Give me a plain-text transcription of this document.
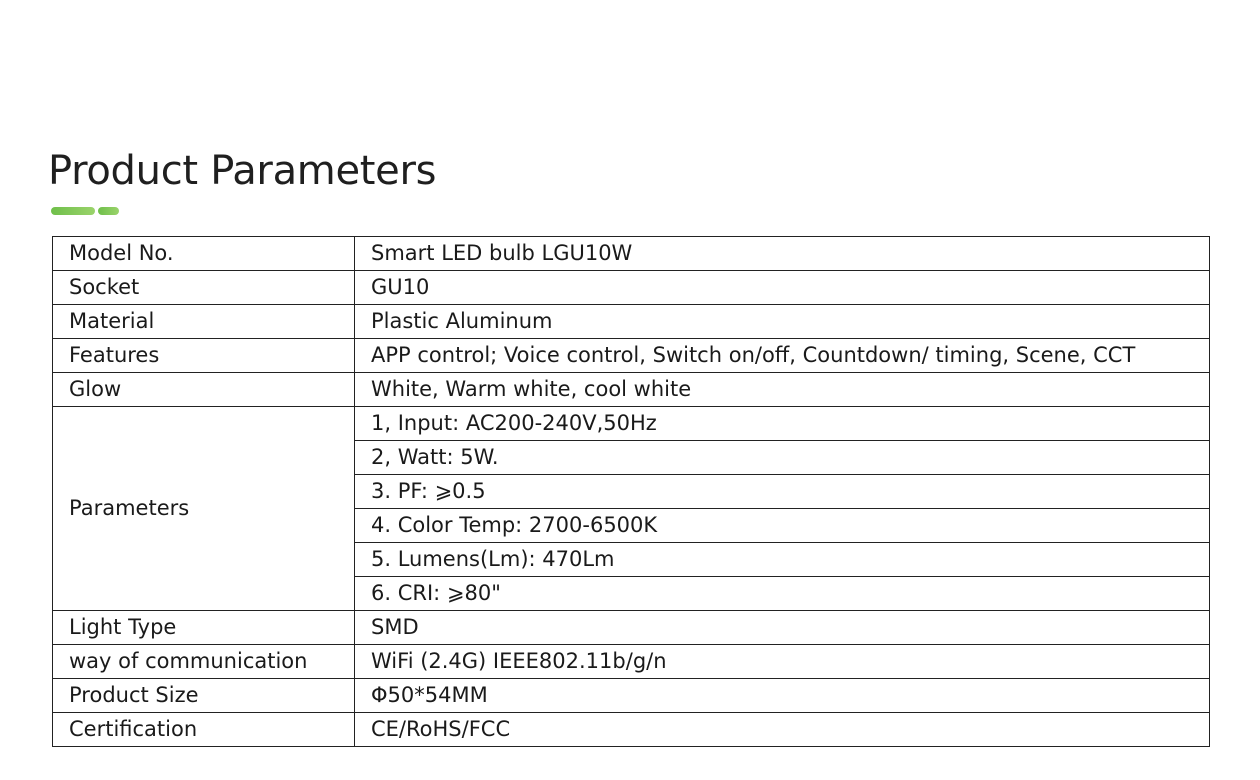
Product Parameters
Model No.	Smart LED bulb LGU10W
Socket	GU10
Material	Plastic Aluminum
Features	APP control; Voice control, Switch on/off, Countdown/ timing, Scene, CCT
Glow	White, Warm white, cool white
Parameters	1, Input: AC200-240V,50Hz
	2, Watt: 5W.
	3. PF: ⩾0.5
	4. Color Temp: 2700-6500K
	5. Lumens(Lm): 470Lm
	6. CRI: ⩾80"
Light Type	SMD
way of communication	WiFi (2.4G) IEEE802.11b/g/n
Product Size	Φ50*54MM
Certification	CE/RoHS/FCC
